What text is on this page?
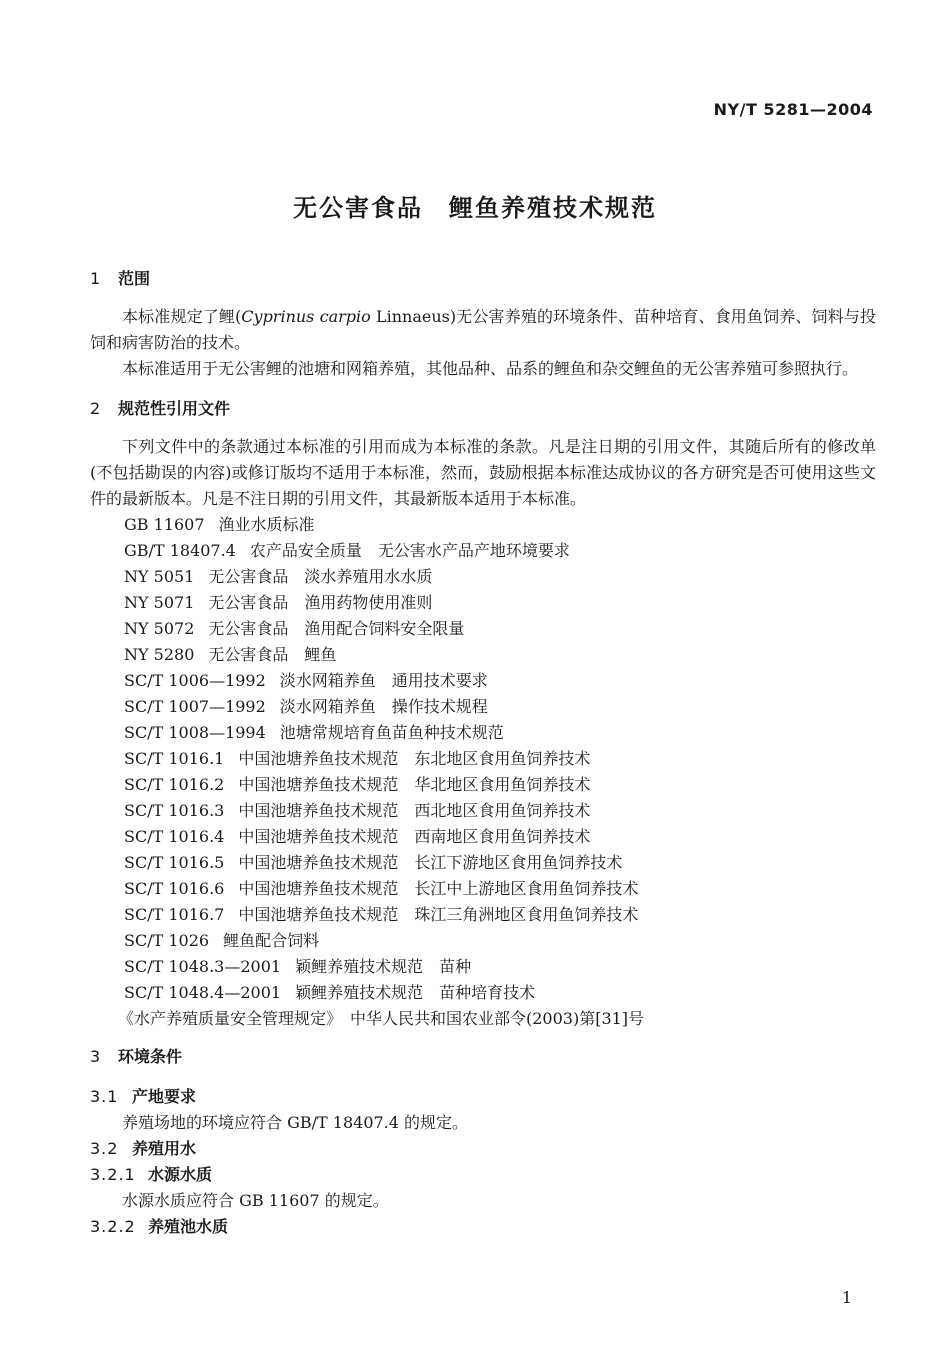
NY/T 5281—2004
无公害食品　鲤鱼养殖技术规范
1 范围

本标准规定了鲤(Cyprinus carpio Linnaeus)无公害养殖的环境条件、苗种培育、食用鱼饲养、饲料与投饲和病害防治的技术。

本标准适用于无公害鲤的池塘和网箱养殖，其他品种、品系的鲤鱼和杂交鲤鱼的无公害养殖可参照执行。

2 规范性引用文件

下列文件中的条款通过本标准的引用而成为本标准的条款。凡是注日期的引用文件，其随后所有的修改单(不包括勘误的内容)或修订版均不适用于本标准，然而，鼓励根据本标准达成协议的各方研究是否可使用这些文件的最新版本。凡是不注日期的引用文件，其最新版本适用于本标准。

GB 11607 渔业水质标准
GB/T 18407.4 农产品安全质量　无公害水产品产地环境要求
NY 5051 无公害食品　淡水养殖用水水质
NY 5071 无公害食品　渔用药物使用准则
NY 5072 无公害食品　渔用配合饲料安全限量
NY 5280 无公害食品　鲤鱼
SC/T 1006—1992 淡水网箱养鱼　通用技术要求
SC/T 1007—1992 淡水网箱养鱼　操作技术规程
SC/T 1008—1994 池塘常规培育鱼苗鱼种技术规范
SC/T 1016.1 中国池塘养鱼技术规范　东北地区食用鱼饲养技术
SC/T 1016.2 中国池塘养鱼技术规范　华北地区食用鱼饲养技术
SC/T 1016.3 中国池塘养鱼技术规范　西北地区食用鱼饲养技术
SC/T 1016.4 中国池塘养鱼技术规范　西南地区食用鱼饲养技术
SC/T 1016.5 中国池塘养鱼技术规范　长江下游地区食用鱼饲养技术
SC/T 1016.6 中国池塘养鱼技术规范　长江中上游地区食用鱼饲养技术
SC/T 1016.7 中国池塘养鱼技术规范　珠江三角洲地区食用鱼饲养技术
SC/T 1026 鲤鱼配合饲料
SC/T 1048.3—2001 颖鲤养殖技术规范　苗种
SC/T 1048.4—2001 颖鲤养殖技术规范　苗种培育技术
《水产养殖质量安全管理规定》　中华人民共和国农业部令(2003)第[31]号
3 环境条件
3.1 产地要求

养殖场地的环境应符合 GB/T 18407.4 的规定。

3.2 养殖用水
3.2.1 水源水质

水源水质应符合 GB 11607 的规定。

3.2.2 养殖池水质
1
